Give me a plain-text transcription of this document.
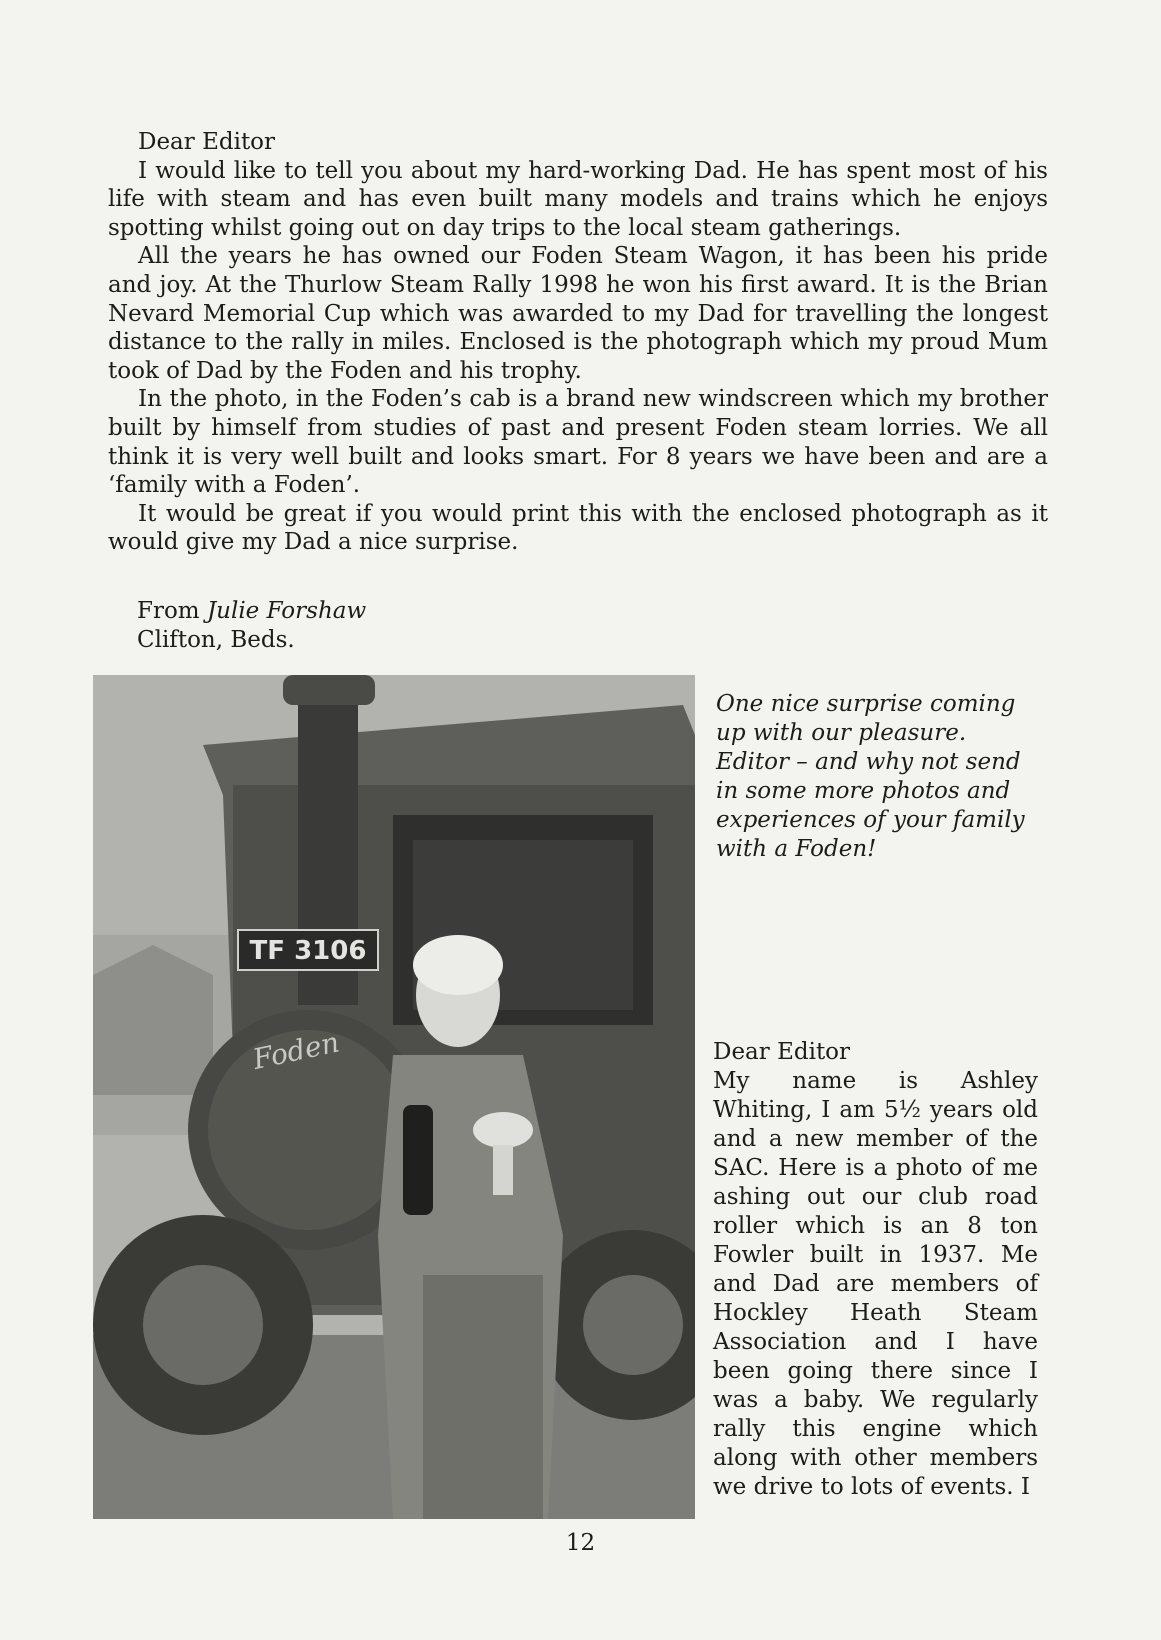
Dear Editor

I would like to tell you about my hard-working Dad. He has spent most of his life with steam and has even built many models and trains which he enjoys spotting whilst going out on day trips to the local steam gatherings.

All the years he has owned our Foden Steam Wagon, it has been his pride and joy. At the Thurlow Steam Rally 1998 he won his first award. It is the Brian Nevard Memorial Cup which was awarded to my Dad for travelling the longest distance to the rally in miles. Enclosed is the photograph which my proud Mum took of Dad by the Foden and his trophy.

In the photo, in the Foden’s cab is a brand new windscreen which my brother built by himself from studies of past and present Foden steam lorries. We all think it is very well built and looks smart. For 8 years we have been and are a ‘family with a Foden’.

It would be great if you would print this with the enclosed photograph as it would give my Dad a nice surprise.

From Julie Forshaw
Clifton, Beds.
TF 3106
Foden
One nice surprise coming up with our pleasure. Editor – and why not send in some more photos and experiences of your family with a Foden!

Dear Editor

My name is Ashley Whiting, I am 5½ years old and a new member of the SAC. Here is a photo of me ashing out our club road roller which is an 8 ton Fowler built in 1937. Me and Dad are members of Hockley Heath Steam Association and I have been going there since I was a baby. We regularly rally this engine which along with other members we drive to lots of events. I

12
